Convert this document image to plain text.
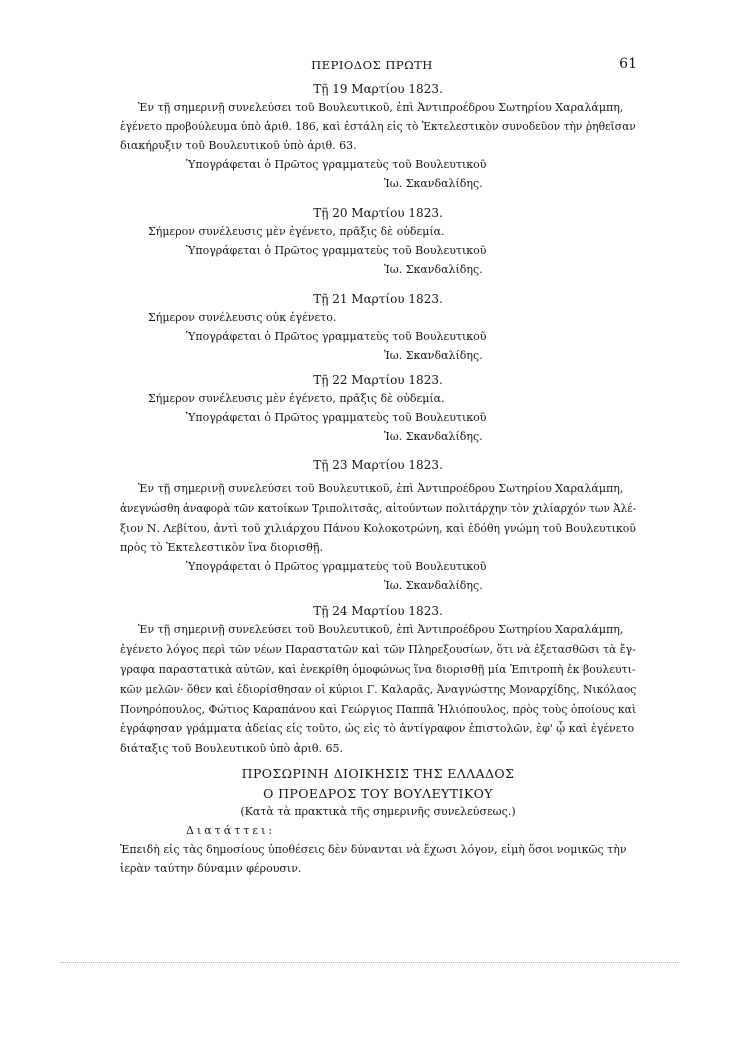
ΠΕΡΙΟΔΟΣ ΠΡΩΤΗ	61
Τῇ 19 Μαρτίου 1823.
Ἐν τῇ σημερινῇ συνελεύσει τοῦ Βουλευτικοῦ, ἐπὶ Ἀντιπροέδρου Σωτηρίου Χαραλάμπη,
ἐγένετο προβούλευμα ὑπὸ ἀριθ. 186, καὶ ἐστάλη εἰς τὸ Ἐκτελεστικὸν συνοδεῦον τὴν ῥηθεῖσαν
διακήρυξιν τοῦ Βουλευτικοῦ ὑπὸ ἀριθ. 63.
Ὑπογράφεται ὁ Πρῶτος γραμματεὺς τοῦ Βουλευτικοῦ
Ἰω. Σκανδαλίδης.
Τῇ 20 Μαρτίου 1823.
Σήμερον συνέλευσις μὲν ἐγένετο, πρᾶξις δὲ οὐδεμία.
Ὑπογράφεται ὁ Πρῶτος γραμματεὺς τοῦ Βουλευτικοῦ
Ἰω. Σκανδαλίδης.
Τῇ 21 Μαρτίου 1823.
Σήμερον συνέλευσις οὐκ ἐγένετο.
Ὑπογράφεται ὁ Πρῶτος γραμματεὺς τοῦ Βουλευτικοῦ
Ἰω. Σκανδαλίδης.
Τῇ 22 Μαρτίου 1823.
Σήμερον συνέλευσις μὲν ἐγένετο, πρᾶξις δὲ οὐδεμία.
Ὑπογράφεται ὁ Πρῶτος γραμματεὺς τοῦ Βουλευτικοῦ
Ἰω. Σκανδαλίδης.
Τῇ 23 Μαρτίου 1823.
Ἐν τῇ σημερινῇ συνελεύσει τοῦ Βουλευτικοῦ, ἐπὶ Ἀντιπροέδρου Σωτηρίου Χαραλάμπη,
ἀνεγνώσθη ἀναφορὰ τῶν κατοίκων Τριπολιτσᾶς, αἰτούντων πολιτάρχην τὸν χιλίαρχόν των Ἀλέ-
ξιον Ν. Λεβίτου, ἀντὶ τοῦ χιλιάρχου Πάνου Κολοκοτρώνη, καὶ ἐδόθη γνώμη τοῦ Βουλευτικοῦ
πρὸς τὸ Ἐκτελεστικὸν ἵνα διορισθῇ.
Ὑπογράφεται ὁ Πρῶτος γραμματεὺς τοῦ Βουλευτικοῦ
Ἰω. Σκανδαλίδης.
Τῇ 24 Μαρτίου 1823.
Ἐν τῇ σημερινῇ συνελεύσει τοῦ Βουλευτικοῦ, ἐπὶ Ἀντιπροέδρου Σωτηρίου Χαραλάμπη,
ἐγένετο λόγος περὶ τῶν νέων Παραστατῶν καὶ τῶν Πληρεξουσίων, ὅτι νὰ ἐξετασθῶσι τὰ ἔγ-
γραφα παραστατικὰ αὐτῶν, καὶ ἐνεκρίθη ὁμοφώνως ἵνα διορισθῇ μία Ἐπιτροπὴ ἐκ βουλευτι-
κῶν μελῶν· ὅθεν καὶ ἐδιορίσθησαν οἱ κύριοι Γ. Καλαρᾶς, Ἀναγνώστης Μοναρχίδης, Νικόλαος
Πονηρόπουλος, Φώτιος Καραπάνου καὶ Γεώργιος Παππᾶ Ἠλιόπουλος, πρὸς τοὺς ὁποίους καὶ
ἐγράφησαν γράμματα ἀδείας εἰς τοῦτο, ὡς εἰς τὸ ἀντίγραφον ἐπιστολῶν, ἐφ' ᾧ καὶ ἐγένετο
διάταξις τοῦ Βουλευτικοῦ ὑπὸ ἀριθ. 65.
ΠΡΟΣΩΡΙΝΗ ΔΙΟΙΚΗΣΙΣ ΤΗΣ ΕΛΛΑΔΟΣ
Ο ΠΡΟΕΔΡΟΣ ΤΟΥ ΒΟΥΛΕΥΤΙΚΟΥ
(Κατὰ τὰ πρακτικὰ τῆς σημερινῆς συνελεύσεως.)
Διατάττει:
Ἐπειδὴ εἰς τὰς δημοσίους ὑποθέσεις δὲν δύνανται νὰ ἔχωσι λόγον, εἰμὴ ὅσοι νομικῶς τὴν
ἱερὰν ταύτην δύναμιν φέρουσιν.
